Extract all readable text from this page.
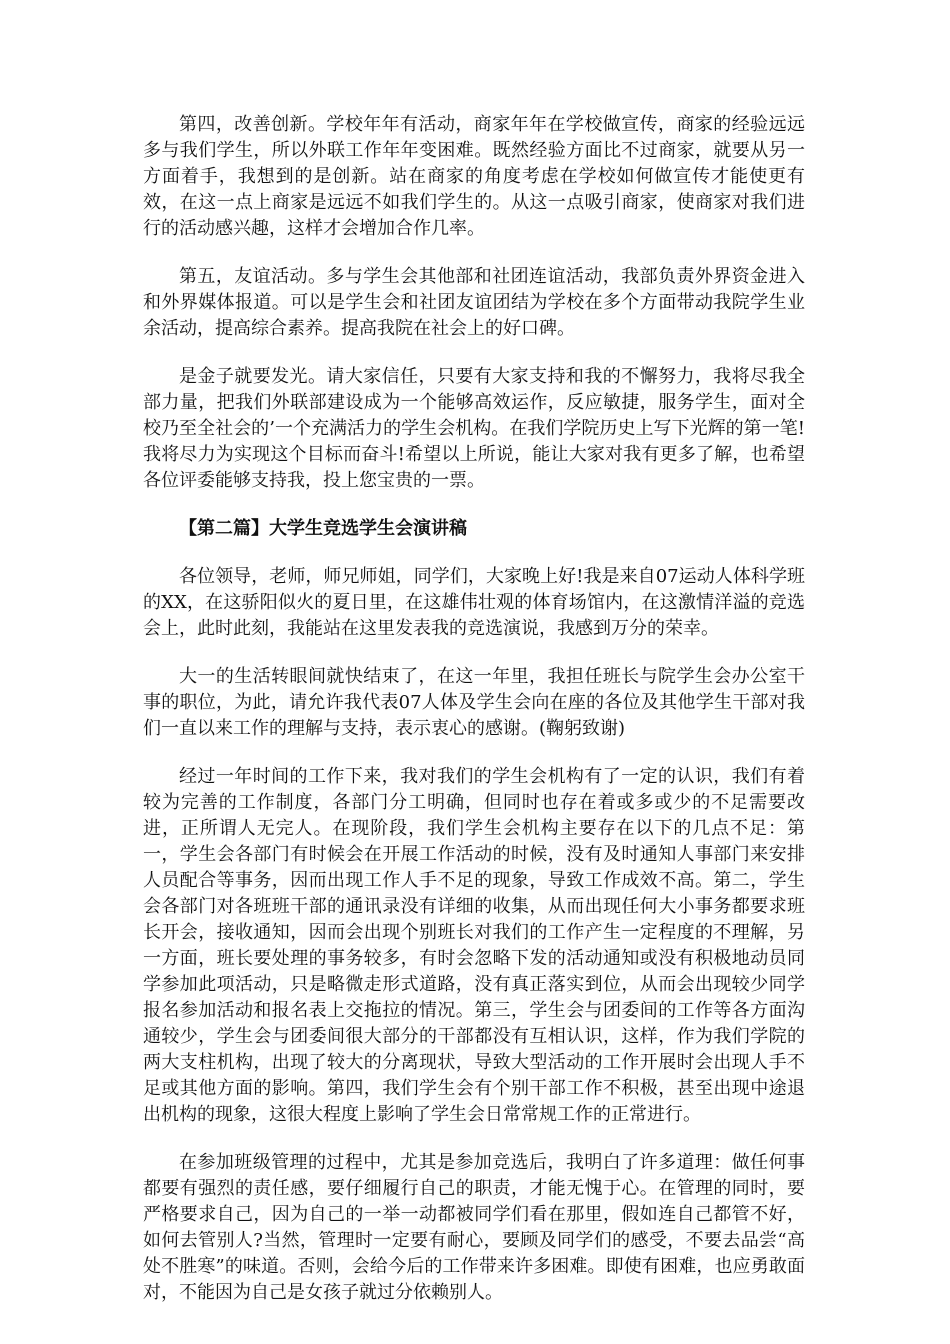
第四，改善创新。学校年年有活动，商家年年在学校做宣传，商家的经验远远多与我们学生，所以外联工作年年变困难。既然经验方面比不过商家，就要从另一方面着手，我想到的是创新。站在商家的角度考虑在学校如何做宣传才能使更有效，在这一点上商家是远远不如我们学生的。从这一点吸引商家，使商家对我们进行的活动感兴趣，这样才会增加合作几率。

第五，友谊活动。多与学生会其他部和社团连谊活动，我部负责外界资金进入和外界媒体报道。可以是学生会和社团友谊团结为学校在多个方面带动我院学生业余活动，提高综合素养。提高我院在社会上的好口碑。

是金子就要发光。请大家信任，只要有大家支持和我的不懈努力，我将尽我全部力量，把我们外联部建设成为一个能够高效运作，反应敏捷，服务学生，面对全校乃至全社会的’一个充满活力的学生会机构。在我们学院历史上写下光辉的第一笔!我将尽力为实现这个目标而奋斗!希望以上所说，能让大家对我有更多了解，也希望各位评委能够支持我，投上您宝贵的一票。

【第二篇】大学生竞选学生会演讲稿

各位领导，老师，师兄师姐，同学们，大家晚上好!我是来自07运动人体科学班的XX，在这骄阳似火的夏日里，在这雄伟壮观的体育场馆内，在这激情洋溢的竞选会上，此时此刻，我能站在这里发表我的竞选演说，我感到万分的荣幸。

大一的生活转眼间就快结束了，在这一年里，我担任班长与院学生会办公室干事的职位，为此，请允许我代表07人体及学生会向在座的各位及其他学生干部对我们一直以来工作的理解与支持，表示衷心的感谢。(鞠躬致谢)

经过一年时间的工作下来，我对我们的学生会机构有了一定的认识，我们有着较为完善的工作制度，各部门分工明确，但同时也存在着或多或少的不足需要改进，正所谓人无完人。在现阶段，我们学生会机构主要存在以下的几点不足：第一，学生会各部门有时候会在开展工作活动的时候，没有及时通知人事部门来安排人员配合等事务，因而出现工作人手不足的现象，导致工作成效不高。第二，学生会各部门对各班班干部的通讯录没有详细的收集，从而出现任何大小事务都要求班长开会，接收通知，因而会出现个别班长对我们的工作产生一定程度的不理解，另一方面，班长要处理的事务较多，有时会忽略下发的活动通知或没有积极地动员同学参加此项活动，只是略微走形式道路，没有真正落实到位，从而会出现较少同学报名参加活动和报名表上交拖拉的情况。第三，学生会与团委间的工作等各方面沟通较少，学生会与团委间很大部分的干部都没有互相认识，这样，作为我们学院的两大支柱机构，出现了较大的分离现状，导致大型活动的工作开展时会出现人手不足或其他方面的影响。第四，我们学生会有个别干部工作不积极，甚至出现中途退出机构的现象，这很大程度上影响了学生会日常常规工作的正常进行。

在参加班级管理的过程中，尤其是参加竞选后，我明白了许多道理：做任何事都要有强烈的责任感，要仔细履行自己的职责，才能无愧于心。在管理的同时，要严格要求自己，因为自己的一举一动都被同学们看在那里，假如连自己都管不好，如何去管别人?当然，管理时一定要有耐心，要顾及同学们的感受，不要去品尝“高处不胜寒”的味道。否则，会给今后的工作带来许多困难。即使有困难，也应勇敢面对，不能因为自己是女孩子就过分依赖别人。
